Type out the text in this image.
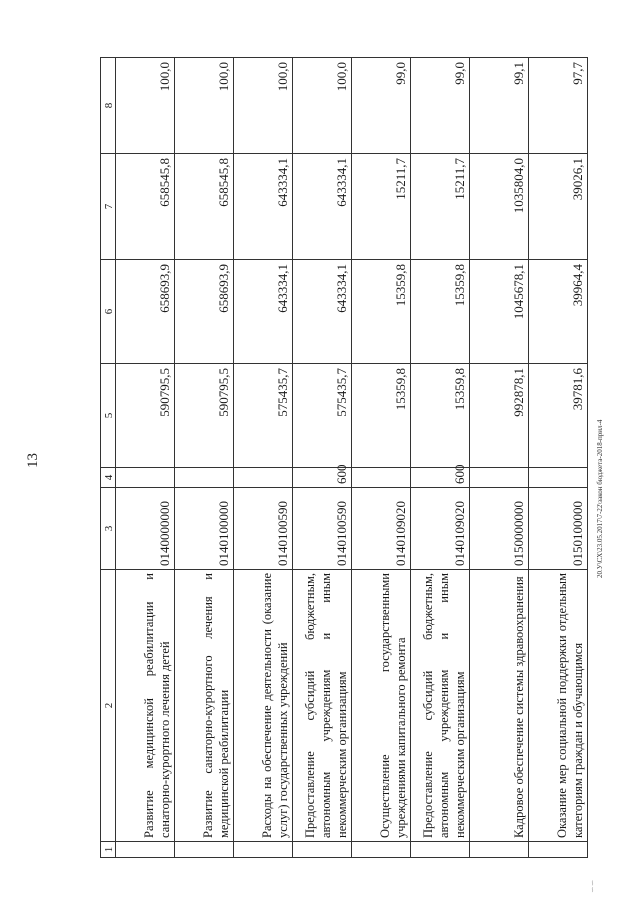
13	20.У\СХ\23.05.2017\7-22\закон бюджета-2018-прил-4
∽∽
1	2	3	4	5	6	7	8
	Развитие медицинской реабилитации и санаторно-курортного лечения детей	0140000000		590795,5	658693,9	658545,8	100,0
	Развитие санаторно-курортного лечения и медицинской реабилитации	0140100000		590795,5	658693,9	658545,8	100,0
	Расходы на обеспечение деятельности (оказание услуг) государственных учреждений	0140100590		575435,7	643334,1	643334,1	100,0
	Предоставление субсидий бюджетным, автономным учреждениям и иным некоммерческим организациям	0140100590	600	575435,7	643334,1	643334,1	100,0
	Осуществление государственными учреждениями капитального ремонта	0140109020		15359,8	15359,8	15211,7	99,0
	Предоставление субсидий бюджетным, автономным учреждениям и иным некоммерческим организациям	0140109020	600	15359,8	15359,8	15211,7	99,0
	Кадровое обеспечение системы здравоохранения	0150000000		992878,1	1045678,1	1035804,0	99,1
	Оказание мер социальной поддержки отдельным категориям граждан и обучающимся	0150100000		39781,6	39964,4	39026,1	97,7
